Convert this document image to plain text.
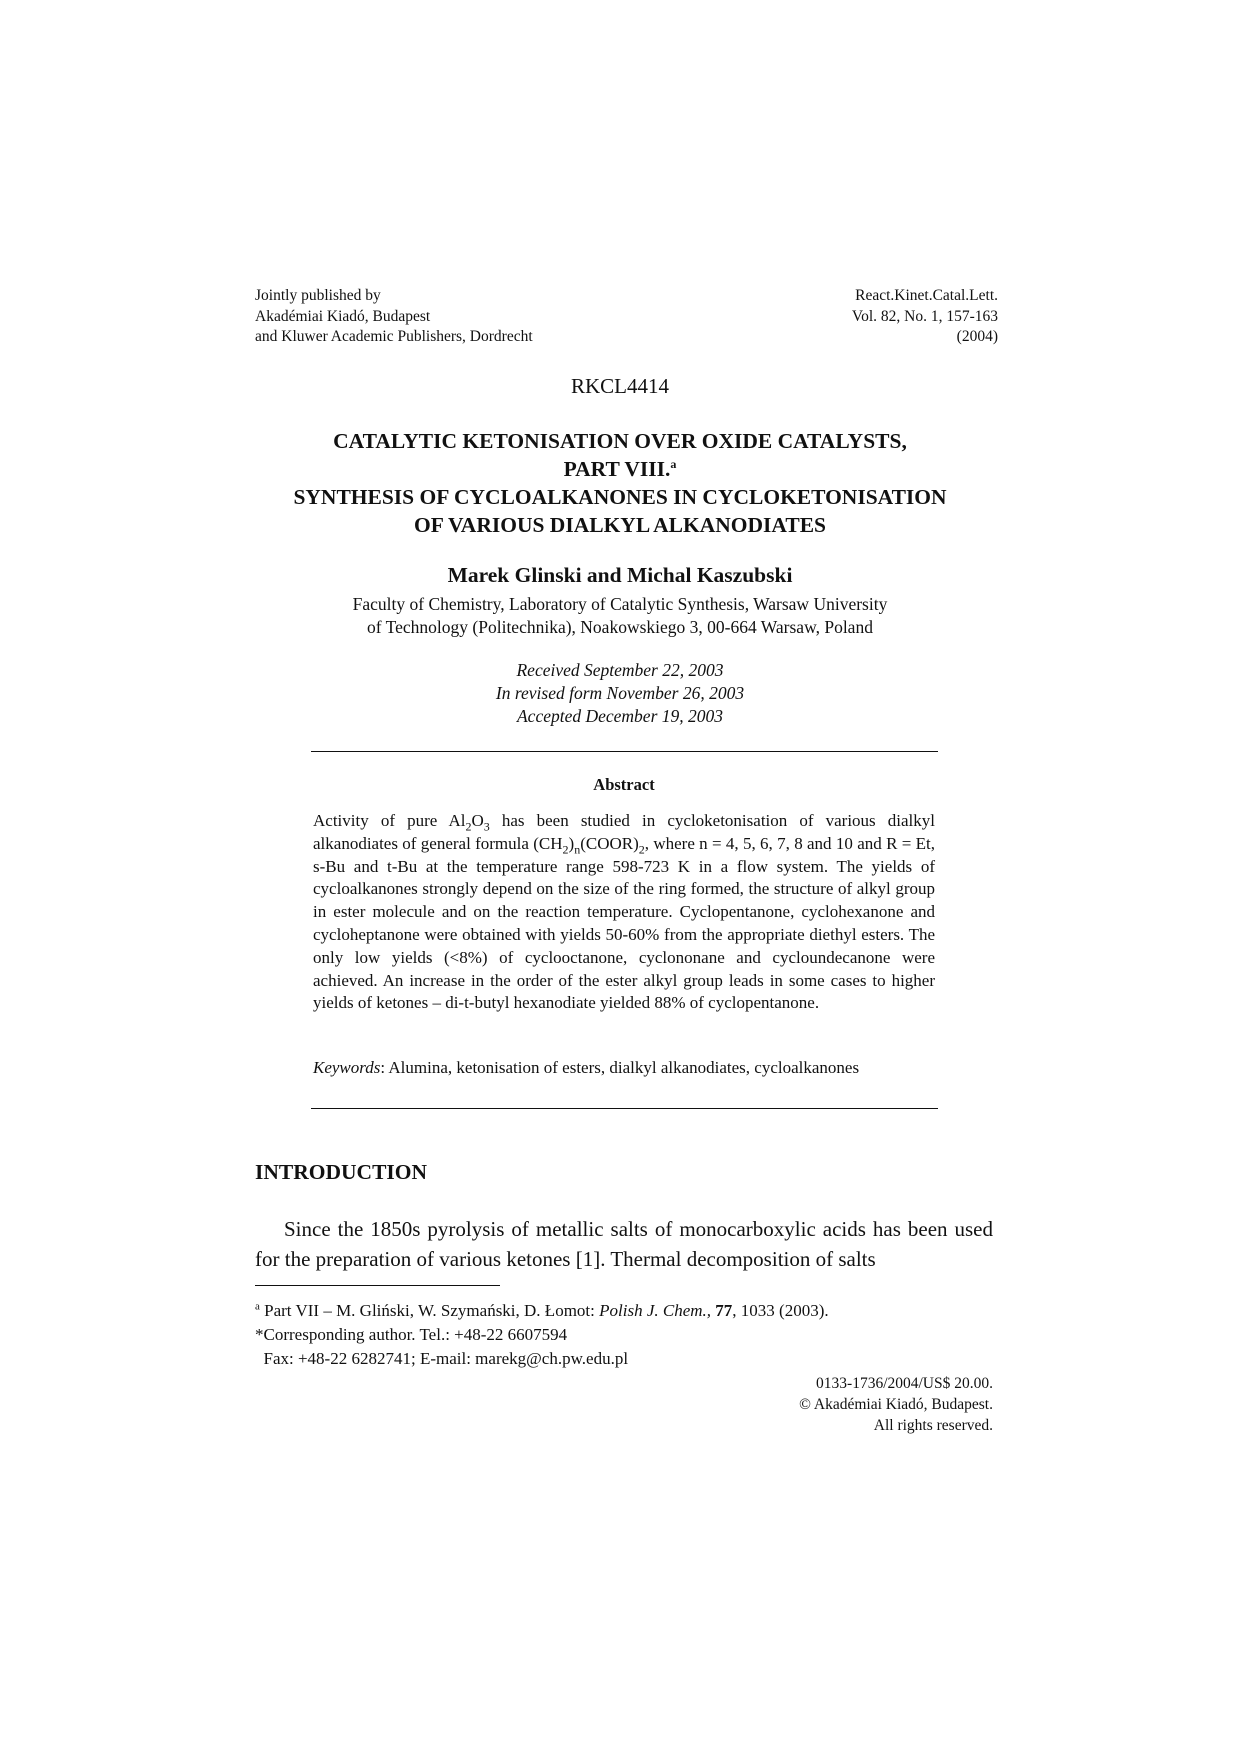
Jointly published by
Akadémiai Kiadó, Budapest
and Kluwer Academic Publishers, Dordrecht
React.Kinet.Catal.Lett.
Vol. 82, No. 1, 157-163
(2004)
RKCL4414
CATALYTIC KETONISATION OVER OXIDE CATALYSTS,
PART VIII.$^a$
SYNTHESIS OF CYCLOALKANONES IN CYCLOKETONISATION
OF VARIOUS DIALKYL ALKANODIATES
Marek Glinski and Michal Kaszubski
Faculty of Chemistry, Laboratory of Catalytic Synthesis, Warsaw University
of Technology (Politechnika), Noakowskiego 3, 00-664 Warsaw, Poland
Received September 22, 2003
In revised form November 26, 2003
Accepted December 19, 2003
Abstract
Activity of pure $Al_2O_3$ has been studied in cycloketonisation of various dialkyl alkanodiates of general formula $(CH_2)_n(COOR)_2$, where n = 4, 5, 6, 7, 8 and 10 and R = Et, s-Bu and t-Bu at the temperature range 598-723 K in a flow system. The yields of cycloalkanones strongly depend on the size of the ring formed, the structure of alkyl group in ester molecule and on the reaction temperature. Cyclopentanone, cyclohexanone and cycloheptanone were obtained with yields 50-60% from the appropriate diethyl esters. The only low yields (<8%) of cyclooctanone, cyclononane and cycloundecanone were achieved. An increase in the order of the ester alkyl group leads in some cases to higher yields of ketones – di-t-butyl hexanodiate yielded 88% of cyclopentanone.
Keywords: Alumina, ketonisation of esters, dialkyl alkanodiates, cycloalkanones
INTRODUCTION
Since the 1850s pyrolysis of metallic salts of monocarboxylic acids has been used for the preparation of various ketones [1]. Thermal decomposition of salts
$^a$ Part VII – M. Gliński, W. Szymański, D. Łomot: Polish J. Chem., 77, 1033 (2003).
*Corresponding author. Tel.: +48-22 6607594
Fax: +48-22 6282741; E-mail: marekg@ch.pw.edu.pl
0133-1736/2004/US$ 20.00.
© Akadémiai Kiadó, Budapest.
All rights reserved.
